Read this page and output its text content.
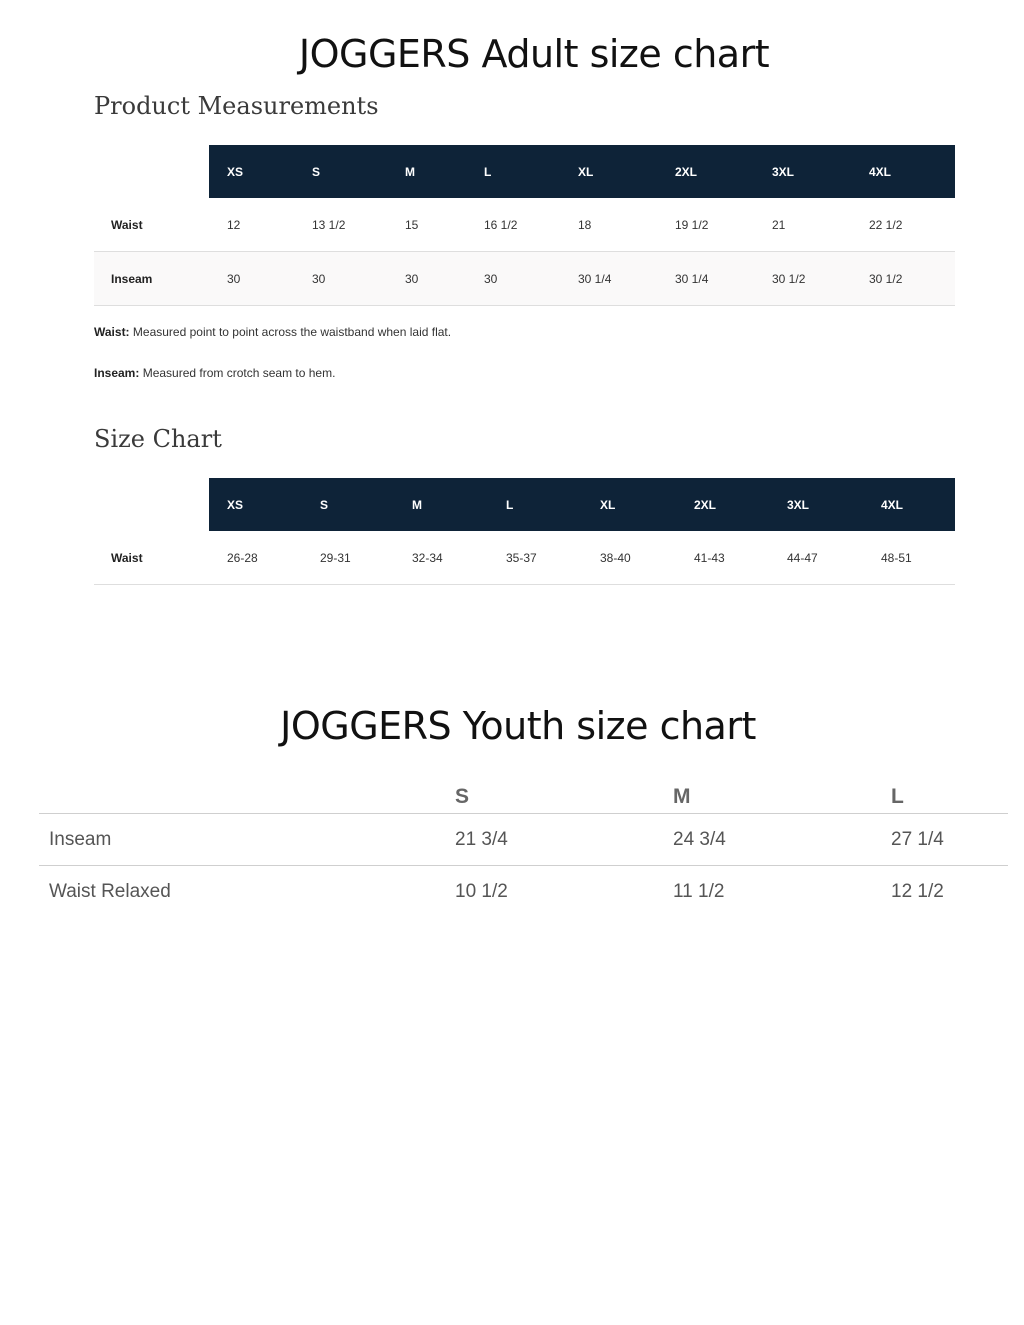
JOGGERS Adult size chart
Product Measurements
	XS	S	M	L	XL	2XL	3XL	4XL
Waist	12	13 1/2	15	16 1/2	18	19 1/2	21	22 1/2
Inseam	30	30	30	30	30 1/4	30 1/4	30 1/2	30 1/2

Waist: Measured point to point across the waistband when laid flat.

Inseam: Measured from crotch seam to hem.

Size Chart
	XS	S	M	L	XL	2XL	3XL	4XL
Waist	26-28	29-31	32-34	35-37	38-40	41-43	44-47	48-51
JOGGERS Youth size chart
	S	M	L
Inseam	21 3/4	24 3/4	27 1/4
Waist Relaxed	10 1/2	11 1/2	12 1/2
